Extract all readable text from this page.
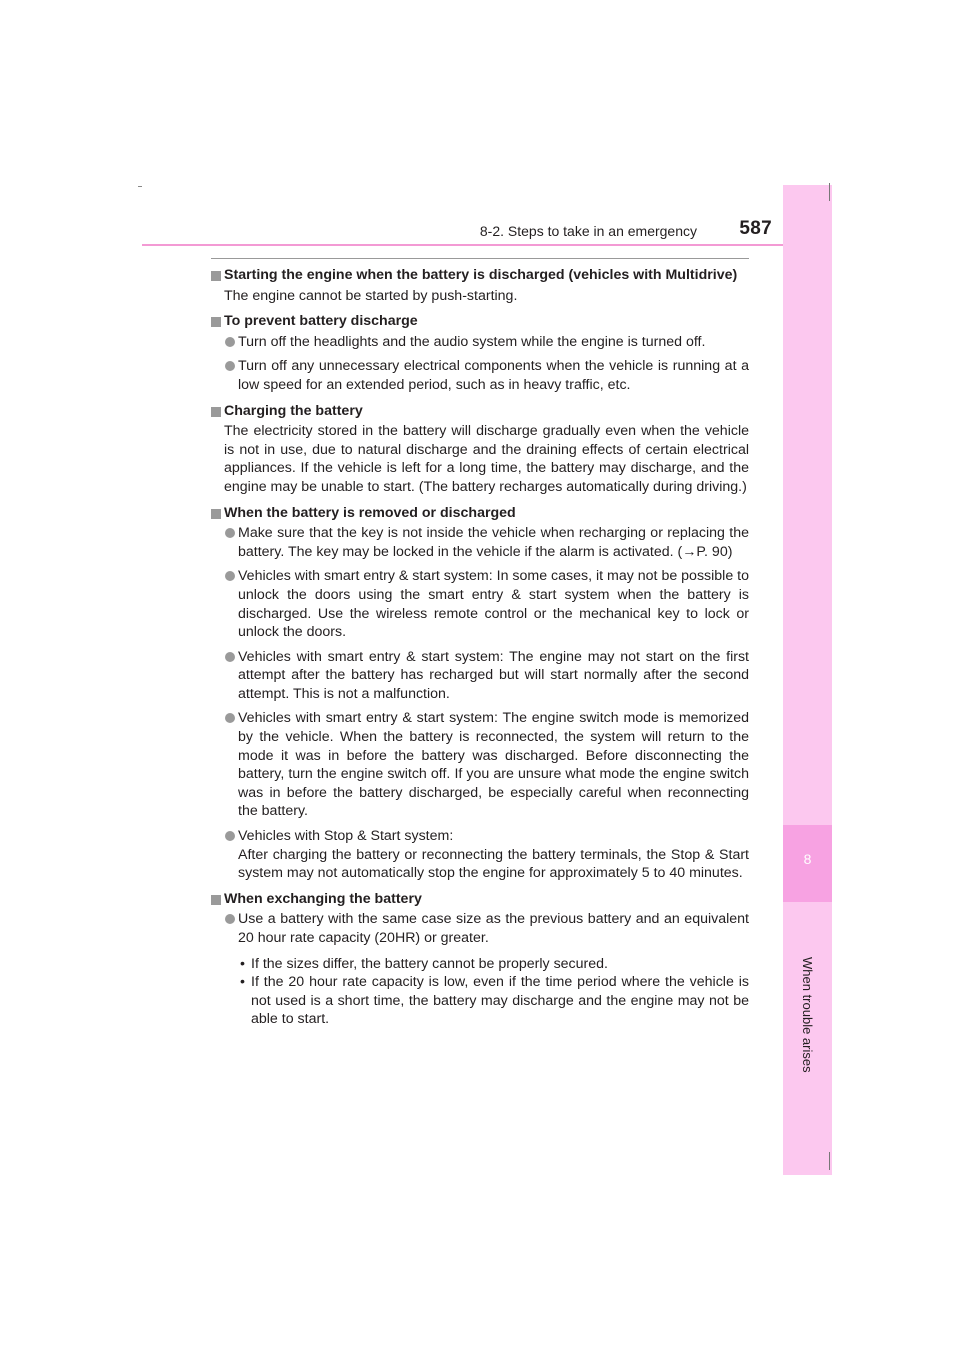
8-2. Steps to take in an emergency 587
8
When trouble arises
Starting the engine when the battery is discharged (vehicles with Multidrive)

The engine cannot be started by push-starting.

To prevent battery discharge
Turn off the headlights and the audio system while the engine is turned off.
Turn off any unnecessary electrical components when the vehicle is running at a low speed for an extended period, such as in heavy traffic, etc.
Charging the battery

The electricity stored in the battery will discharge gradually even when the vehicle is not in use, due to natural discharge and the draining effects of certain electrical appliances. If the vehicle is left for a long time, the battery may discharge, and the engine may be unable to start. (The battery recharges automatically during driving.)

When the battery is removed or discharged
Make sure that the key is not inside the vehicle when recharging or replacing the battery. The key may be locked in the vehicle if the alarm is activated. (→P. 90)
Vehicles with smart entry & start system: In some cases, it may not be possible to unlock the doors using the smart entry & start system when the battery is discharged. Use the wireless remote control or the mechanical key to lock or unlock the doors.
Vehicles with smart entry & start system: The engine may not start on the first attempt after the battery has recharged but will start normally after the second attempt. This is not a malfunction.
Vehicles with smart entry & start system: The engine switch mode is memorized by the vehicle. When the battery is reconnected, the system will return to the mode it was in before the battery was discharged. Before disconnecting the battery, turn the engine switch off. If you are unsure what mode the engine switch was in before the battery discharged, be especially careful when reconnecting the battery.
Vehicles with Stop & Start system:
After charging the battery or reconnecting the battery terminals, the Stop & Start system may not automatically stop the engine for approximately 5 to 40 minutes.
When exchanging the battery
Use a battery with the same case size as the previous battery and an equivalent 20 hour rate capacity (20HR) or greater.
• If the sizes differ, the battery cannot be properly secured.
• If the 20 hour rate capacity is low, even if the time period where the vehicle is not used is a short time, the battery may discharge and the engine may not be able to start.
